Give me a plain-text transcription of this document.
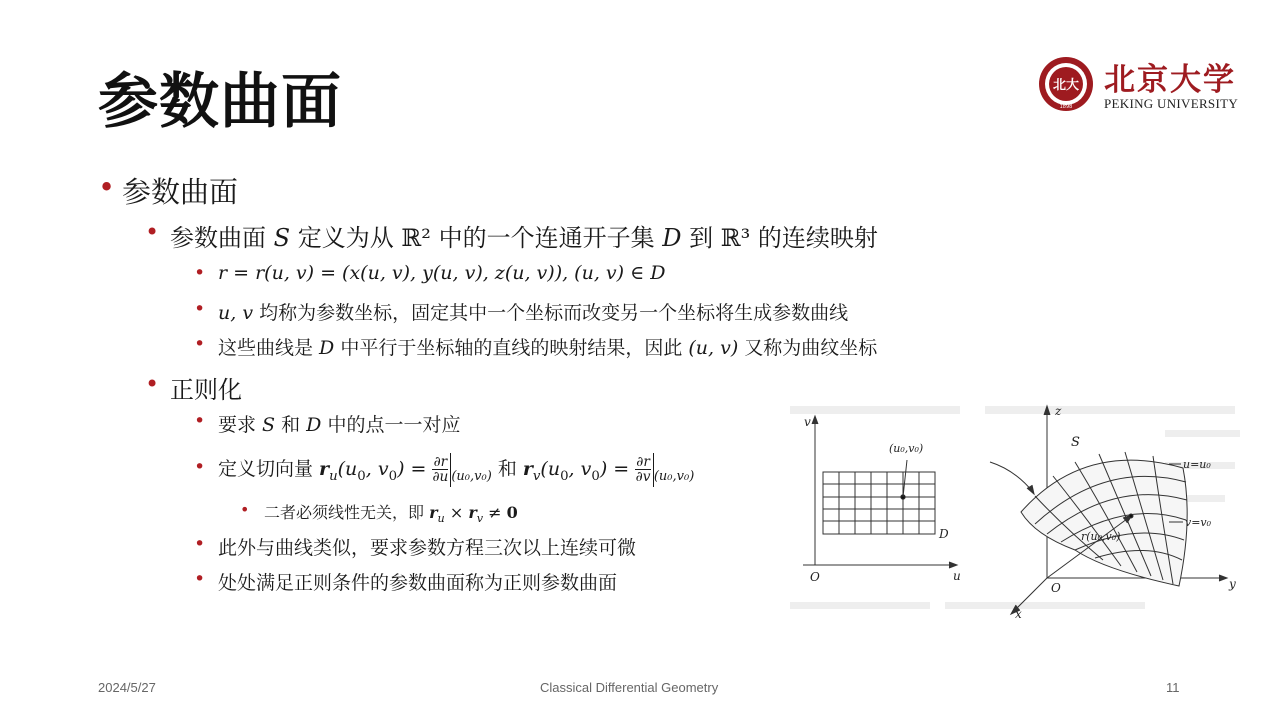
参数曲面	北大
1898
北京大学
PEKING UNIVERSITY
• 参数曲面
• 参数曲面 S 定义为从 ℝ² 中的一个连通开子集 D 到 ℝ³ 的连续映射
• r = r(u, v) = (x(u, v), y(u, v), z(u, v)), (u, v) ∈ D
• u, v 均称为参数坐标，固定其中一个坐标而改变另一个坐标将生成参数曲线
• 这些曲线是 D 中平行于坐标轴的直线的映射结果，因此 (u, v) 又称为曲纹坐标
• 正则化
• 要求 S 和 D 中的点一一对应
• 定义切向量 $r_u(u_0$, $v_0) = \frac{\partial r}{\partial u} _{(u_0,v_0)}$ 和 $r_v(u_0$, $v_0) = \frac{\partial r}{\partial v} _{(u_0,v_0)}$
• 二者必须线性无关，即 $r_u \times r_v \ne 0$
• 此外与曲线类似，要求参数方程三次以上连续可微
• 处处满足正则条件的参数曲面称为正则参数曲面
v
u
O
(u₀,v₀)
D
z
y
x
O
S
u=u₀
v=v₀
r(u₀,v₀)
2024/5/27	Classical Differential Geometry	11
